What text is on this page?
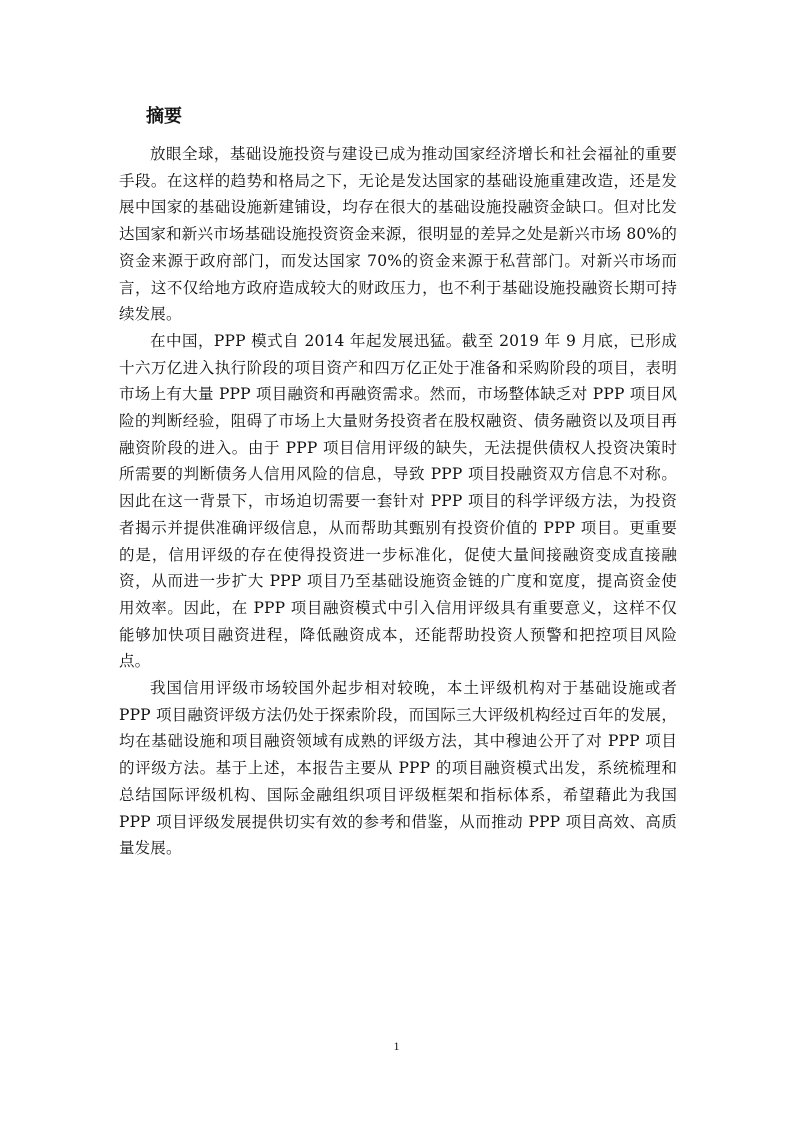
摘要

放眼全球，基础设施投资与建设已成为推动国家经济增长和社会福祉的重要手段。在这样的趋势和格局之下，无论是发达国家的基础设施重建改造，还是发展中国家的基础设施新建铺设，均存在很大的基础设施投融资金缺口。但对比发达国家和新兴市场基础设施投资资金来源，很明显的差异之处是新兴市场 80%的资金来源于政府部门，而发达国家 70%的资金来源于私营部门。对新兴市场而言，这不仅给地方政府造成较大的财政压力，也不利于基础设施投融资长期可持续发展。

在中国，PPP 模式自 2014 年起发展迅猛。截至 2019 年 9 月底，已形成十六万亿进入执行阶段的项目资产和四万亿正处于准备和采购阶段的项目，表明市场上有大量 PPP 项目融资和再融资需求。然而，市场整体缺乏对 PPP 项目风险的判断经验，阻碍了市场上大量财务投资者在股权融资、债务融资以及项目再融资阶段的进入。由于 PPP 项目信用评级的缺失，无法提供债权人投资决策时所需要的判断债务人信用风险的信息，导致 PPP 项目投融资双方信息不对称。因此在这一背景下，市场迫切需要一套针对 PPP 项目的科学评级方法，为投资者揭示并提供准确评级信息，从而帮助其甄别有投资价值的 PPP 项目。更重要的是，信用评级的存在使得投资进一步标准化，促使大量间接融资变成直接融资，从而进一步扩大 PPP 项目乃至基础设施资金链的广度和宽度，提高资金使用效率。因此，在 PPP 项目融资模式中引入信用评级具有重要意义，这样不仅能够加快项目融资进程，降低融资成本，还能帮助投资人预警和把控项目风险点。

我国信用评级市场较国外起步相对较晚，本土评级机构对于基础设施或者 PPP 项目融资评级方法仍处于探索阶段，而国际三大评级机构经过百年的发展，均在基础设施和项目融资领域有成熟的评级方法，其中穆迪公开了对 PPP 项目的评级方法。基于上述，本报告主要从 PPP 的项目融资模式出发，系统梳理和总结国际评级机构、国际金融组织项目评级框架和指标体系，希望藉此为我国 PPP 项目评级发展提供切实有效的参考和借鉴，从而推动 PPP 项目高效、高质量发展。

1
